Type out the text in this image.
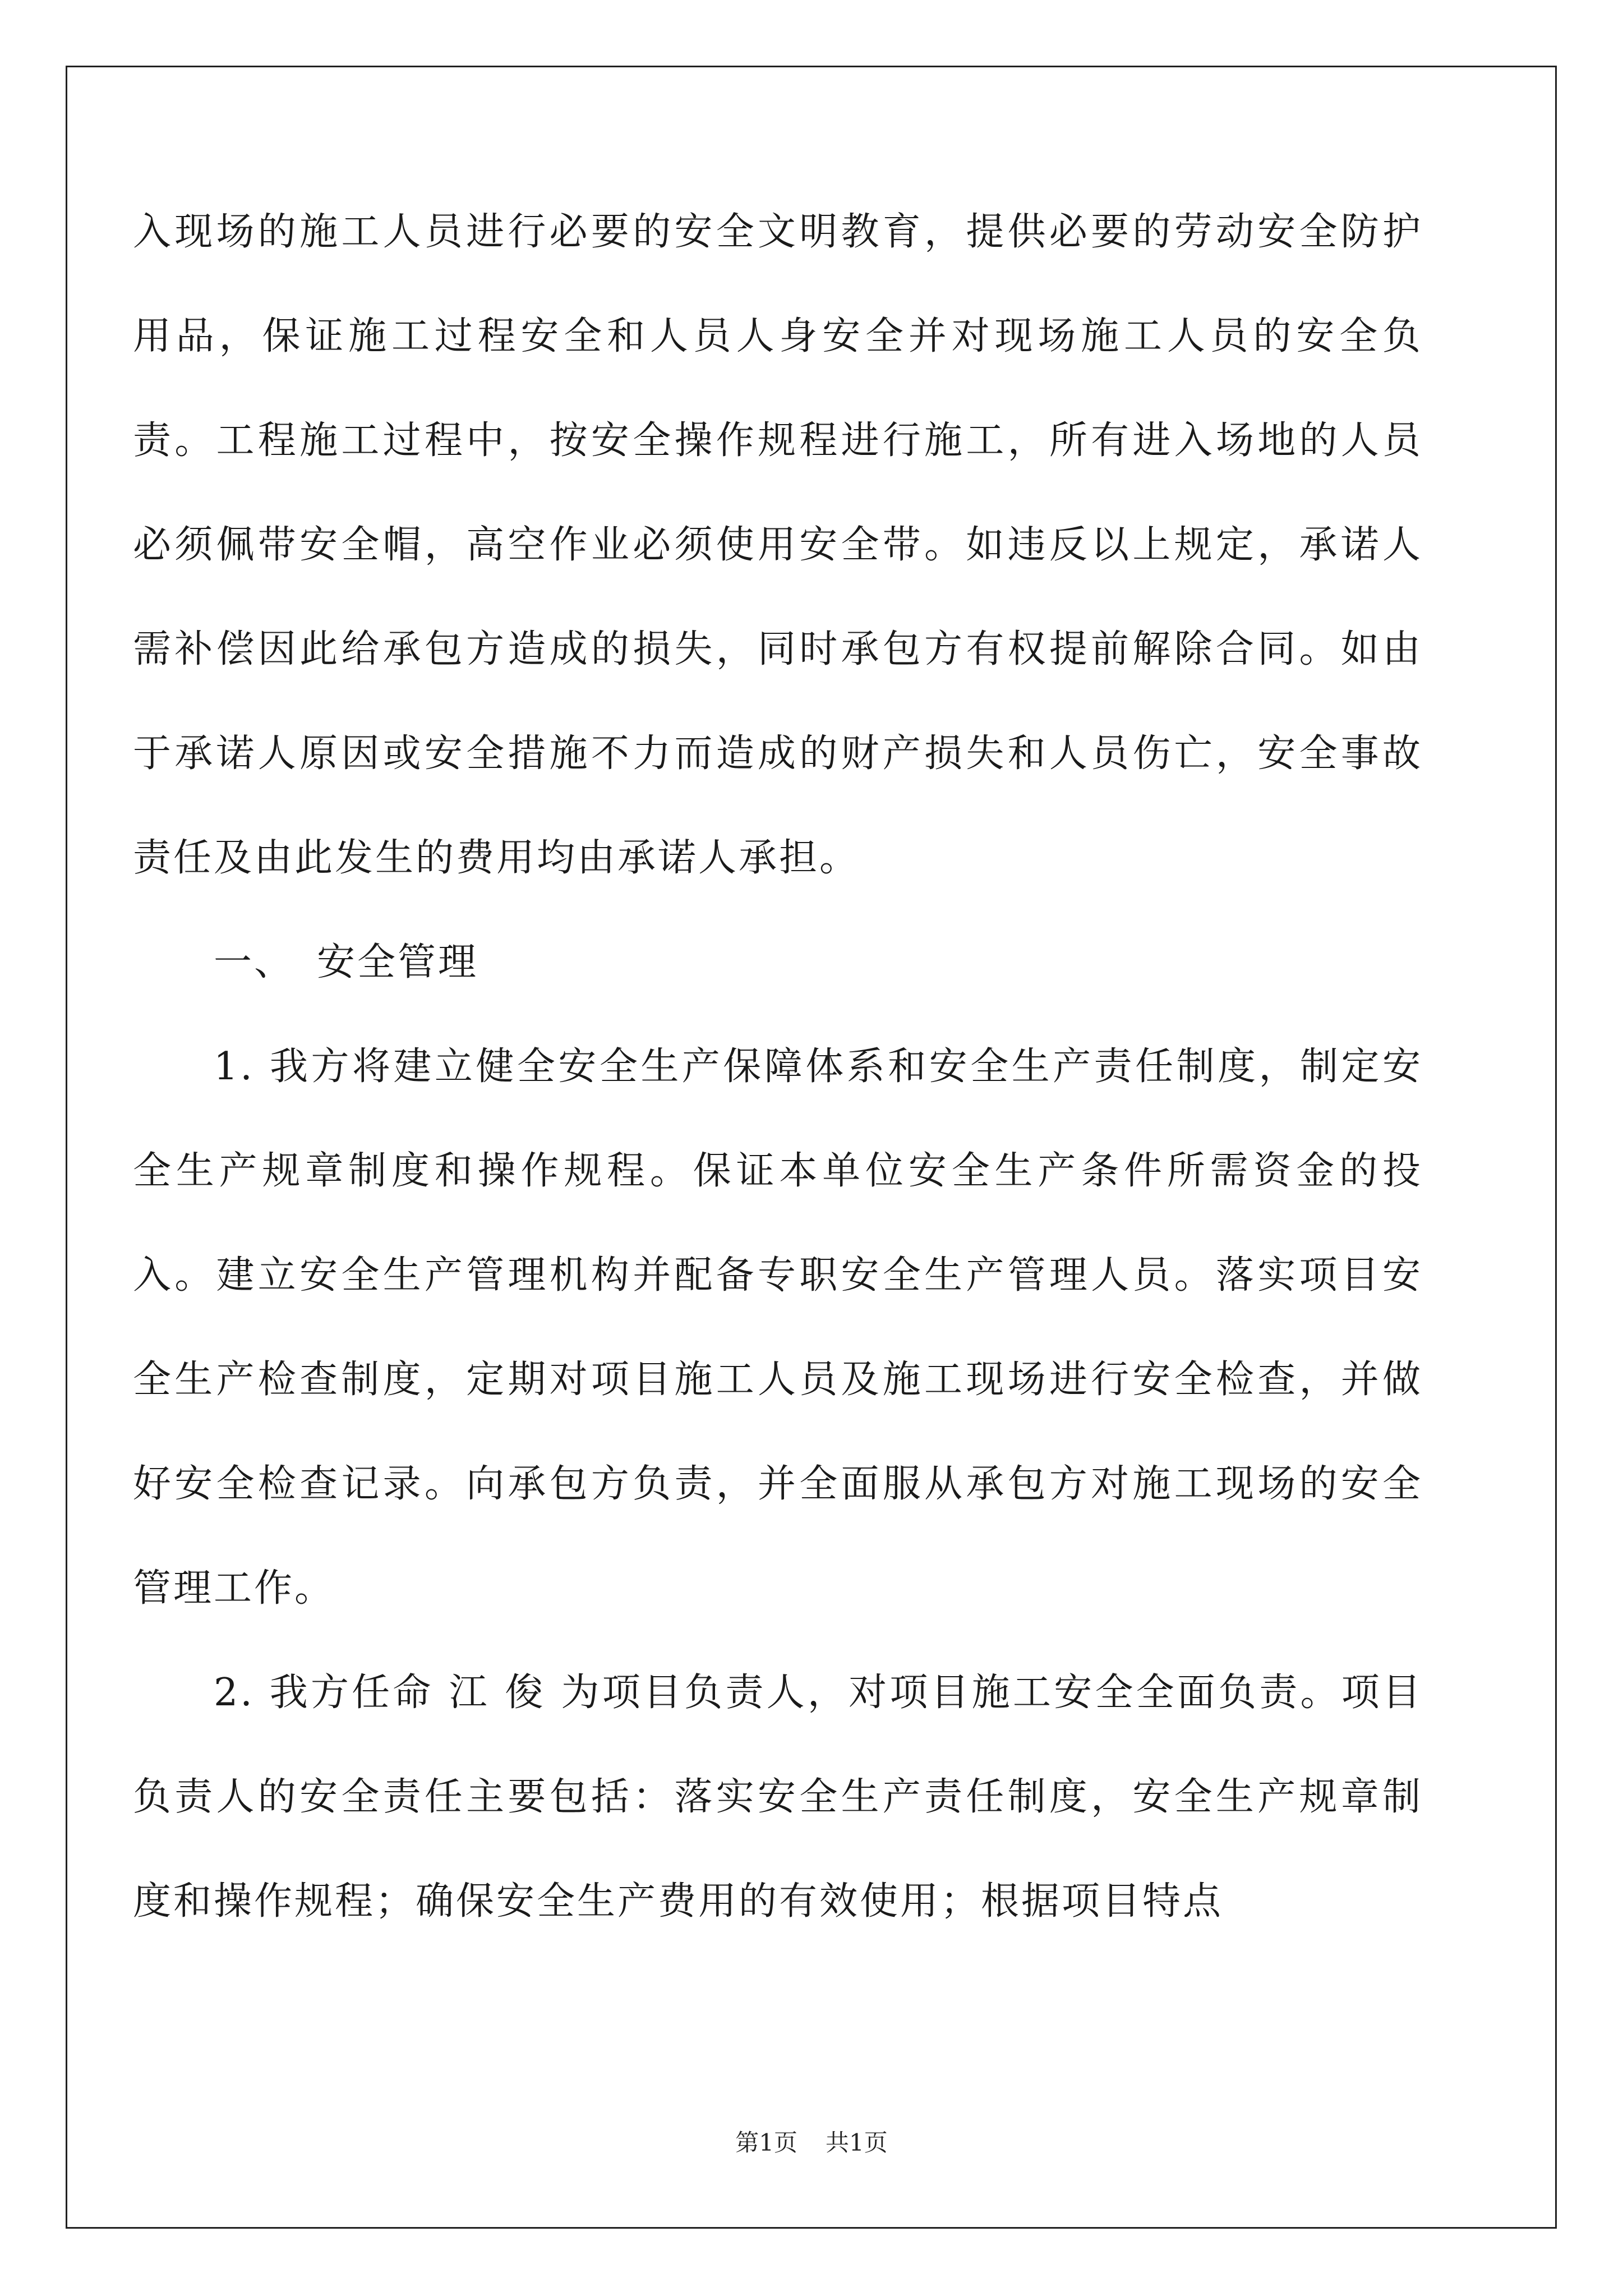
入现场的施工人员进行必要的安全文明教育，提供必要的劳动安全防护用品，保证施工过程安全和人员人身安全并对现场施工人员的安全负责。工程施工过程中，按安全操作规程进行施工，所有进入场地的人员必须佩带安全帽，高空作业必须使用安全带。如违反以上规定，承诺人需补偿因此给承包方造成的损失，同时承包方有权提前解除合同。如由于承诺人原因或安全措施不力而造成的财产损失和人员伤亡，安全事故责任及由此发生的费用均由承诺人承担。

一、 安全管理

1. 我方将建立健全安全生产保障体系和安全生产责任制度，制定安全生产规章制度和操作规程。保证本单位安全生产条件所需资金的投入。建立安全生产管理机构并配备专职安全生产管理人员。落实项目安全生产检查制度，定期对项目施工人员及施工现场进行安全检查，并做好安全检查记录。向承包方负责，并全面服从承包方对施工现场的安全管理工作。

2. 我方任命 江 俊 为项目负责人，对项目施工安全全面负责。项目负责人的安全责任主要包括：落实安全生产责任制度，安全生产规章制度和操作规程；确保安全生产费用的有效使用；根据项目特点

第1页 共1页
